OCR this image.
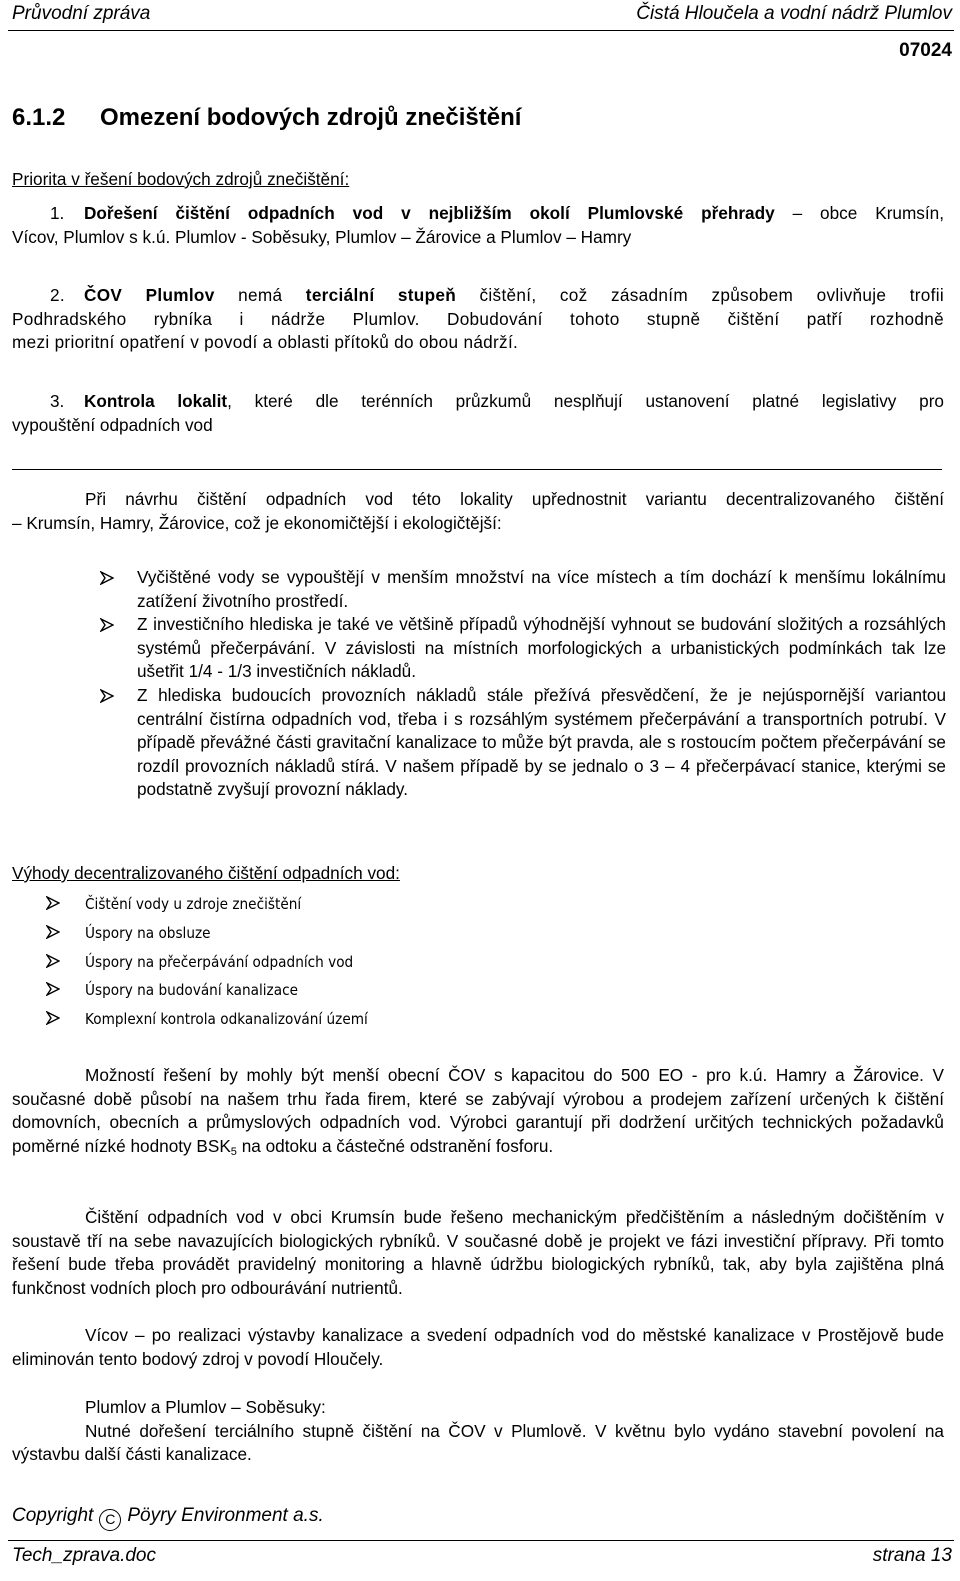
Průvodní zpráva	Čistá Hloučela a vodní nádrž Plumlov
07024
6.1.2 Omezení bodových zdrojů znečištění
Priorita v řešení bodových zdrojů znečištění:
1. Dořešení čištění odpadních vod v nejbližším okolí Plumlovské přehrady – obce Krumsín,
Vícov, Plumlov s k.ú. Plumlov - Soběsuky, Plumlov – Žárovice a Plumlov – Hamry
2. ČOV Plumlov nemá terciální stupeň čištění, což zásadním způsobem ovlivňuje trofii
Podhradského rybníka i nádrže Plumlov. Dobudování tohoto stupně čištění patří rozhodně
mezi prioritní opatření v povodí a oblasti přítoků do obou nádrží.
3. Kontrola lokalit, které dle terénních průzkumů nesplňují ustanovení platné legislativy pro
vypouštění odpadních vod
Při návrhu čištění odpadních vod této lokality upřednostnit variantu decentralizovaného čištění
– Krumsín, Hamry, Žárovice, což je ekonomičtější i ekologičtější:
Vyčištěné vody se vypouštějí v menším množství na více místech a tím dochází k menšímu lokálnímu zatížení životního prostředí.
Z investičního hlediska je také ve většině případů výhodnější vyhnout se budování složitých a rozsáhlých systémů přečerpávání. V závislosti na místních morfologických a urbanistických podmínkách tak lze ušetřit 1/4 - 1/3 investičních nákladů.
Z hlediska budoucích provozních nákladů stále přežívá přesvědčení, že je nejúspornější variantou centrální čistírna odpadních vod, třeba i s rozsáhlým systémem přečerpávání a transportních potrubí. V případě převážné části gravitační kanalizace to může být pravda, ale s rostoucím počtem přečerpávání se rozdíl provozních nákladů stírá. V našem případě by se jednalo o 3 – 4 přečerpávací stanice, kterými se podstatně zvyšují provozní náklady.
Výhody decentralizovaného čištění odpadních vod:
Čištění vody u zdroje znečištění
Úspory na obsluze
Úspory na přečerpávání odpadních vod
Úspory na budování kanalizace
Komplexní kontrola odkanalizování území
Možností řešení by mohly být menší obecní ČOV s kapacitou do 500 EO - pro k.ú. Hamry a Žárovice. V současné době působí na našem trhu řada firem, které se zabývají výrobou a prodejem zařízení určených k čištění domovních, obecních a průmyslových odpadních vod. Výrobci garantují při dodržení určitých technických požadavků poměrné nízké hodnoty $BSK_5$ na odtoku a částečné odstranění fosforu.
Čištění odpadních vod v obci Krumsín bude řešeno mechanickým předčištěním a následným dočištěním v soustavě tří na sebe navazujících biologických rybníků. V současné době je projekt ve fázi investiční přípravy. Při tomto řešení bude třeba provádět pravidelný monitoring a hlavně údržbu biologických rybníků, tak, aby byla zajištěna plná funkčnost vodních ploch pro odbourávání nutrientů.
Vícov – po realizaci výstavby kanalizace a svedení odpadních vod do městské kanalizace v Prostějově bude eliminován tento bodový zdroj v povodí Hloučely.
Plumlov a Plumlov – Soběsuky:
Nutné dořešení terciálního stupně čištění na ČOV v Plumlově. V květnu bylo vydáno stavební povolení na výstavbu další části kanalizace.
Copyright C Pöyry Environment a.s.
Tech_zprava.doc	strana 13
